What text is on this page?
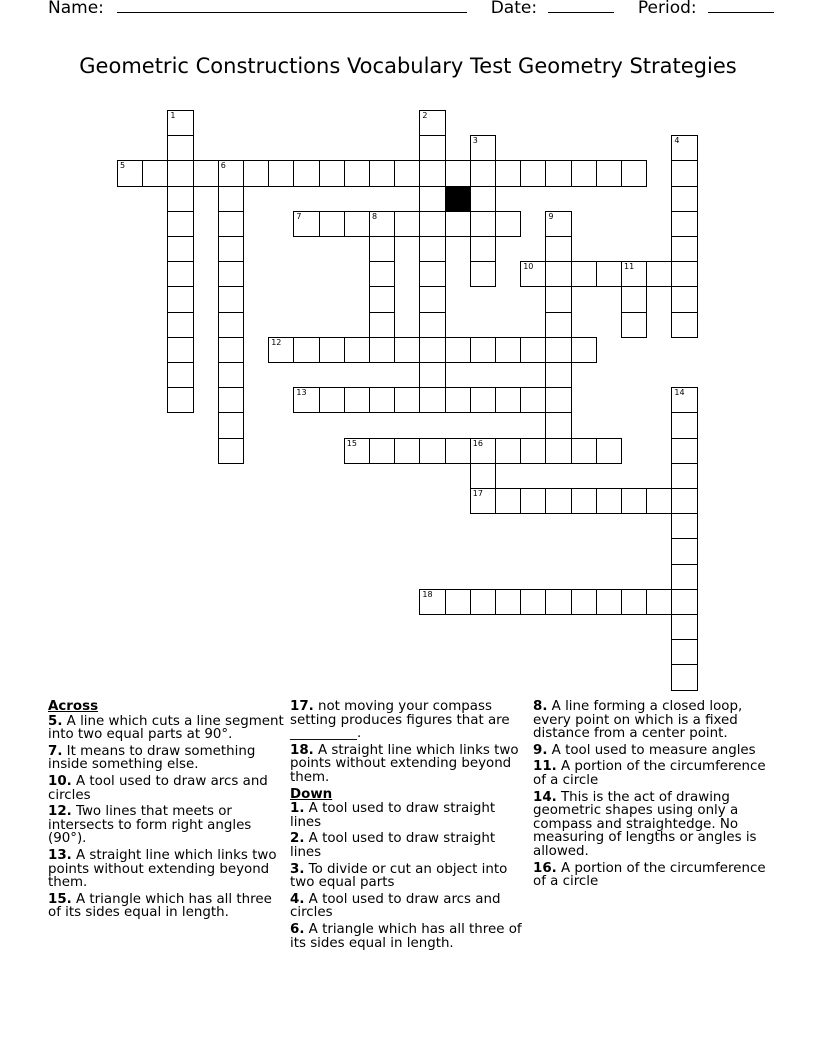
Name:	Date:	Period:
Geometric Constructions Vocabulary Test Geometry Strategies
1	2
3	4
5	6
7	8	9
10	11
12
13	14
15	16
17
18
Across
5. A line which cuts a line segment into two equal parts at 90°.
7. It means to draw something inside something else.
10. A tool used to draw arcs and circles
12. Two lines that meets or intersects to form right angles (90°).
13. A straight line which links two points without extending beyond them.
15. A triangle which has all three of its sides equal in length.
17. not moving your compass setting produces figures that are __________.
18. A straight line which links two points without extending beyond them.
Down
1. A tool used to draw straight lines
2. A tool used to draw straight lines
3. To divide or cut an object into two equal parts
4. A tool used to draw arcs and circles
6. A triangle which has all three of its sides equal in length.
8. A line forming a closed loop, every point on which is a fixed distance from a center point.
9. A tool used to measure angles
11. A portion of the circumference of a circle
14. This is the act of drawing geometric shapes using only a compass and straightedge. No measuring of lengths or angles is allowed.
16. A portion of the circumference of a circle
